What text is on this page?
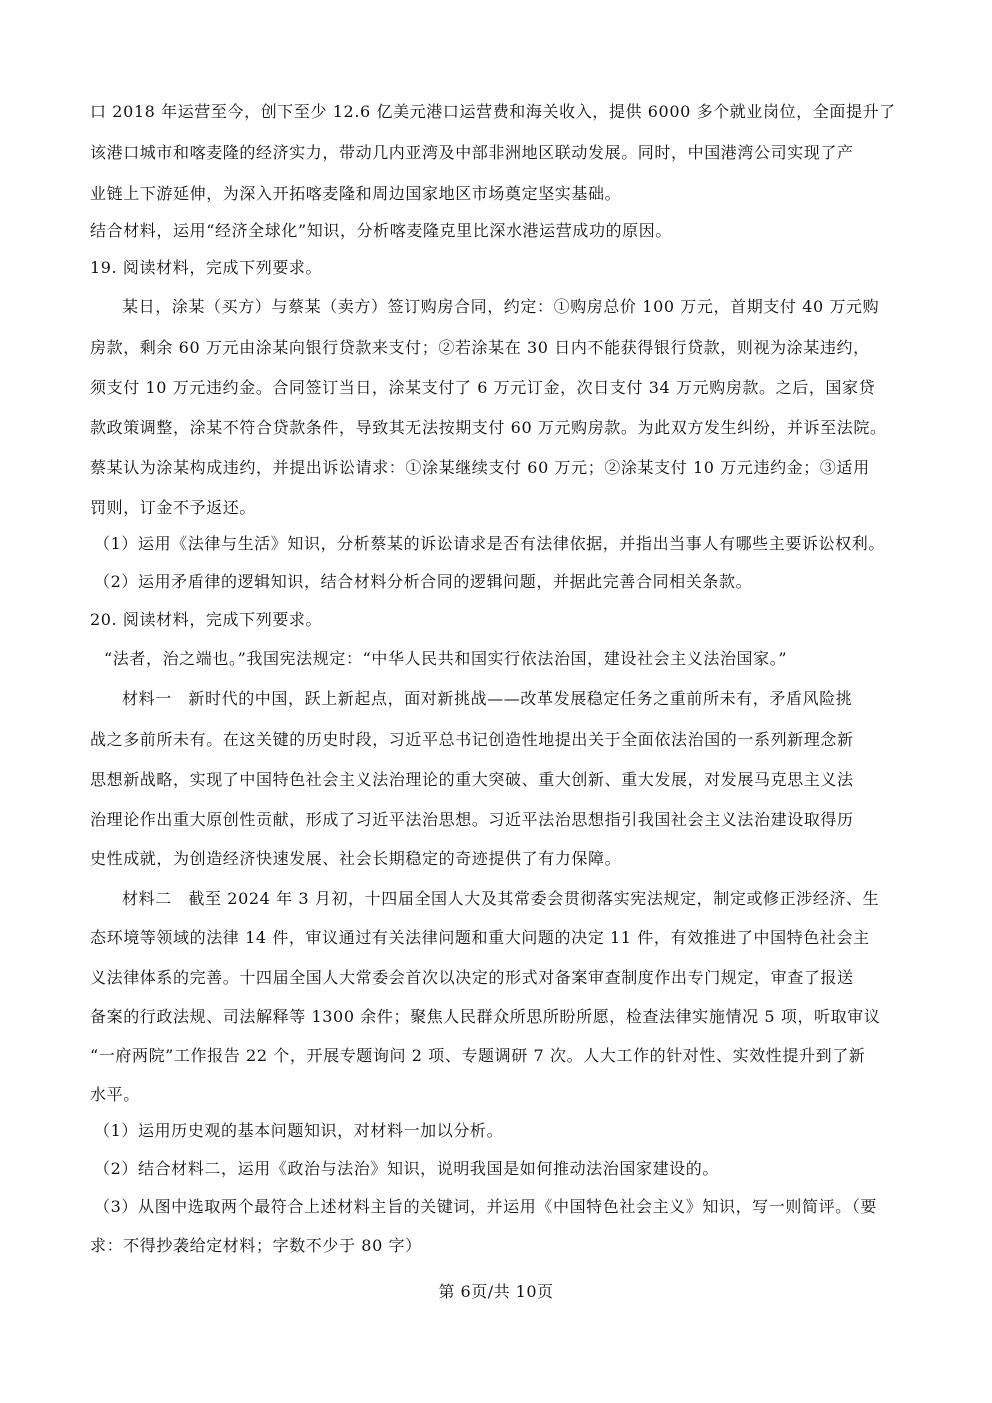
口 2018 年运营至今，创下至少 12.6 亿美元港口运营费和海关收入，提供 6000 多个就业岗位，全面提升了
该港口城市和喀麦隆的经济实力，带动几内亚湾及中部非洲地区联动发展。同时，中国港湾公司实现了产
业链上下游延伸，为深入开拓喀麦隆和周边国家地区市场奠定坚实基础。
结合材料，运用“经济全球化”知识，分析喀麦隆克里比深水港运营成功的原因。
19. 阅读材料，完成下列要求。
某日，涂某（买方）与蔡某（卖方）签订购房合同，约定：①购房总价 100 万元，首期支付 40 万元购
房款，剩余 60 万元由涂某向银行贷款来支付；②若涂某在 30 日内不能获得银行贷款，则视为涂某违约，
须支付 10 万元违约金。合同签订当日，涂某支付了 6 万元订金，次日支付 34 万元购房款。之后，国家贷
款政策调整，涂某不符合贷款条件，导致其无法按期支付 60 万元购房款。为此双方发生纠纷，并诉至法院。
蔡某认为涂某构成违约，并提出诉讼请求：①涂某继续支付 60 万元；②涂某支付 10 万元违约金；③适用
罚则，订金不予返还。
（1）运用《法律与生活》知识，分析蔡某的诉讼请求是否有法律依据，并指出当事人有哪些主要诉讼权利。
（2）运用矛盾律的逻辑知识，结合材料分析合同的逻辑问题，并据此完善合同相关条款。
20. 阅读材料，完成下列要求。
“法者，治之端也。”我国宪法规定：“中华人民共和国实行依法治国，建设社会主义法治国家。”
材料一　新时代的中国，跃上新起点，面对新挑战——改革发展稳定任务之重前所未有，矛盾风险挑
战之多前所未有。在这关键的历史时段，习近平总书记创造性地提出关于全面依法治国的一系列新理念新
思想新战略，实现了中国特色社会主义法治理论的重大突破、重大创新、重大发展，对发展马克思主义法
治理论作出重大原创性贡献，形成了习近平法治思想。习近平法治思想指引我国社会主义法治建设取得历
史性成就，为创造经济快速发展、社会长期稳定的奇迹提供了有力保障。
材料二　截至 2024 年 3 月初，十四届全国人大及其常委会贯彻落实宪法规定，制定或修正涉经济、生
态环境等领域的法律 14 件，审议通过有关法律问题和重大问题的决定 11 件，有效推进了中国特色社会主
义法律体系的完善。十四届全国人大常委会首次以决定的形式对备案审查制度作出专门规定，审查了报送
备案的行政法规、司法解释等 1300 余件；聚焦人民群众所思所盼所愿，检查法律实施情况 5 项，听取审议
“一府两院”工作报告 22 个，开展专题询问 2 项、专题调研 7 次。人大工作的针对性、实效性提升到了新
水平。
（1）运用历史观的基本问题知识，对材料一加以分析。
（2）结合材料二，运用《政治与法治》知识，说明我国是如何推动法治国家建设的。
（3）从图中选取两个最符合上述材料主旨的关键词，并运用《中国特色社会主义》知识，写一则简评。（要
求：不得抄袭给定材料；字数不少于 80 字）
第 6页/共 10页
